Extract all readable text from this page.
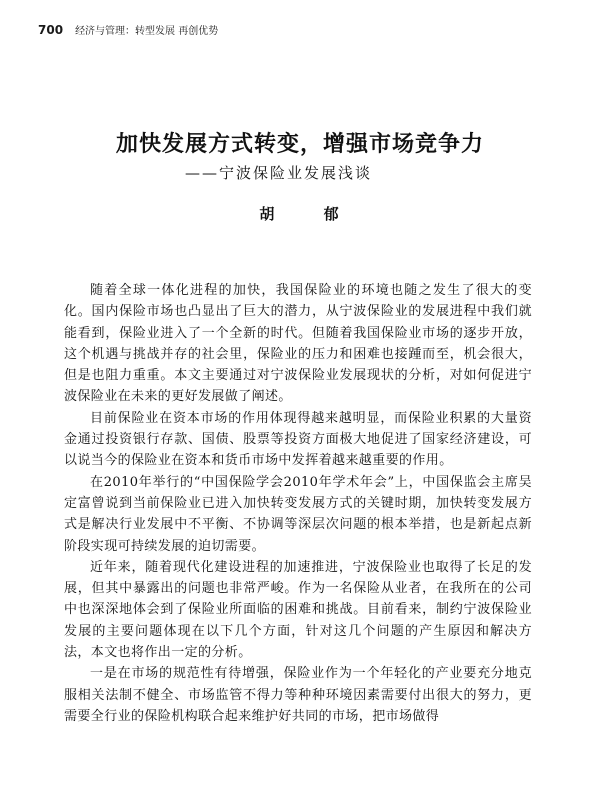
700 经济与管理：转型发展 再创优势
加快发展方式转变，增强市场竞争力
——宁波保险业发展浅谈
胡 郁

随着全球一体化进程的加快，我国保险业的环境也随之发生了很大的变化。国内保险市场也凸显出了巨大的潜力，从宁波保险业的发展进程中我们就能看到，保险业进入了一个全新的时代。但随着我国保险业市场的逐步开放，这个机遇与挑战并存的社会里，保险业的压力和困难也接踵而至，机会很大，但是也阻力重重。本文主要通过对宁波保险业发展现状的分析，对如何促进宁波保险业在未来的更好发展做了阐述。

目前保险业在资本市场的作用体现得越来越明显，而保险业积累的大量资金通过投资银行存款、国债、股票等投资方面极大地促进了国家经济建设，可以说当今的保险业在资本和货币市场中发挥着越来越重要的作用。

在2010年举行的“中国保险学会2010年学术年会”上，中国保监会主席吴定富曾说到当前保险业已进入加快转变发展方式的关键时期，加快转变发展方式是解决行业发展中不平衡、不协调等深层次问题的根本举措，也是新起点新阶段实现可持续发展的迫切需要。

近年来，随着现代化建设进程的加速推进，宁波保险业也取得了长足的发展，但其中暴露出的问题也非常严峻。作为一名保险从业者，在我所在的公司中也深深地体会到了保险业所面临的困难和挑战。目前看来，制约宁波保险业发展的主要问题体现在以下几个方面，针对这几个问题的产生原因和解决方法，本文也将作出一定的分析。

一是在市场的规范性有待增强，保险业作为一个年轻化的产业要充分地克服相关法制不健全、市场监管不得力等种种环境因素需要付出很大的努力，更需要全行业的保险机构联合起来维护好共同的市场，把市场做得
